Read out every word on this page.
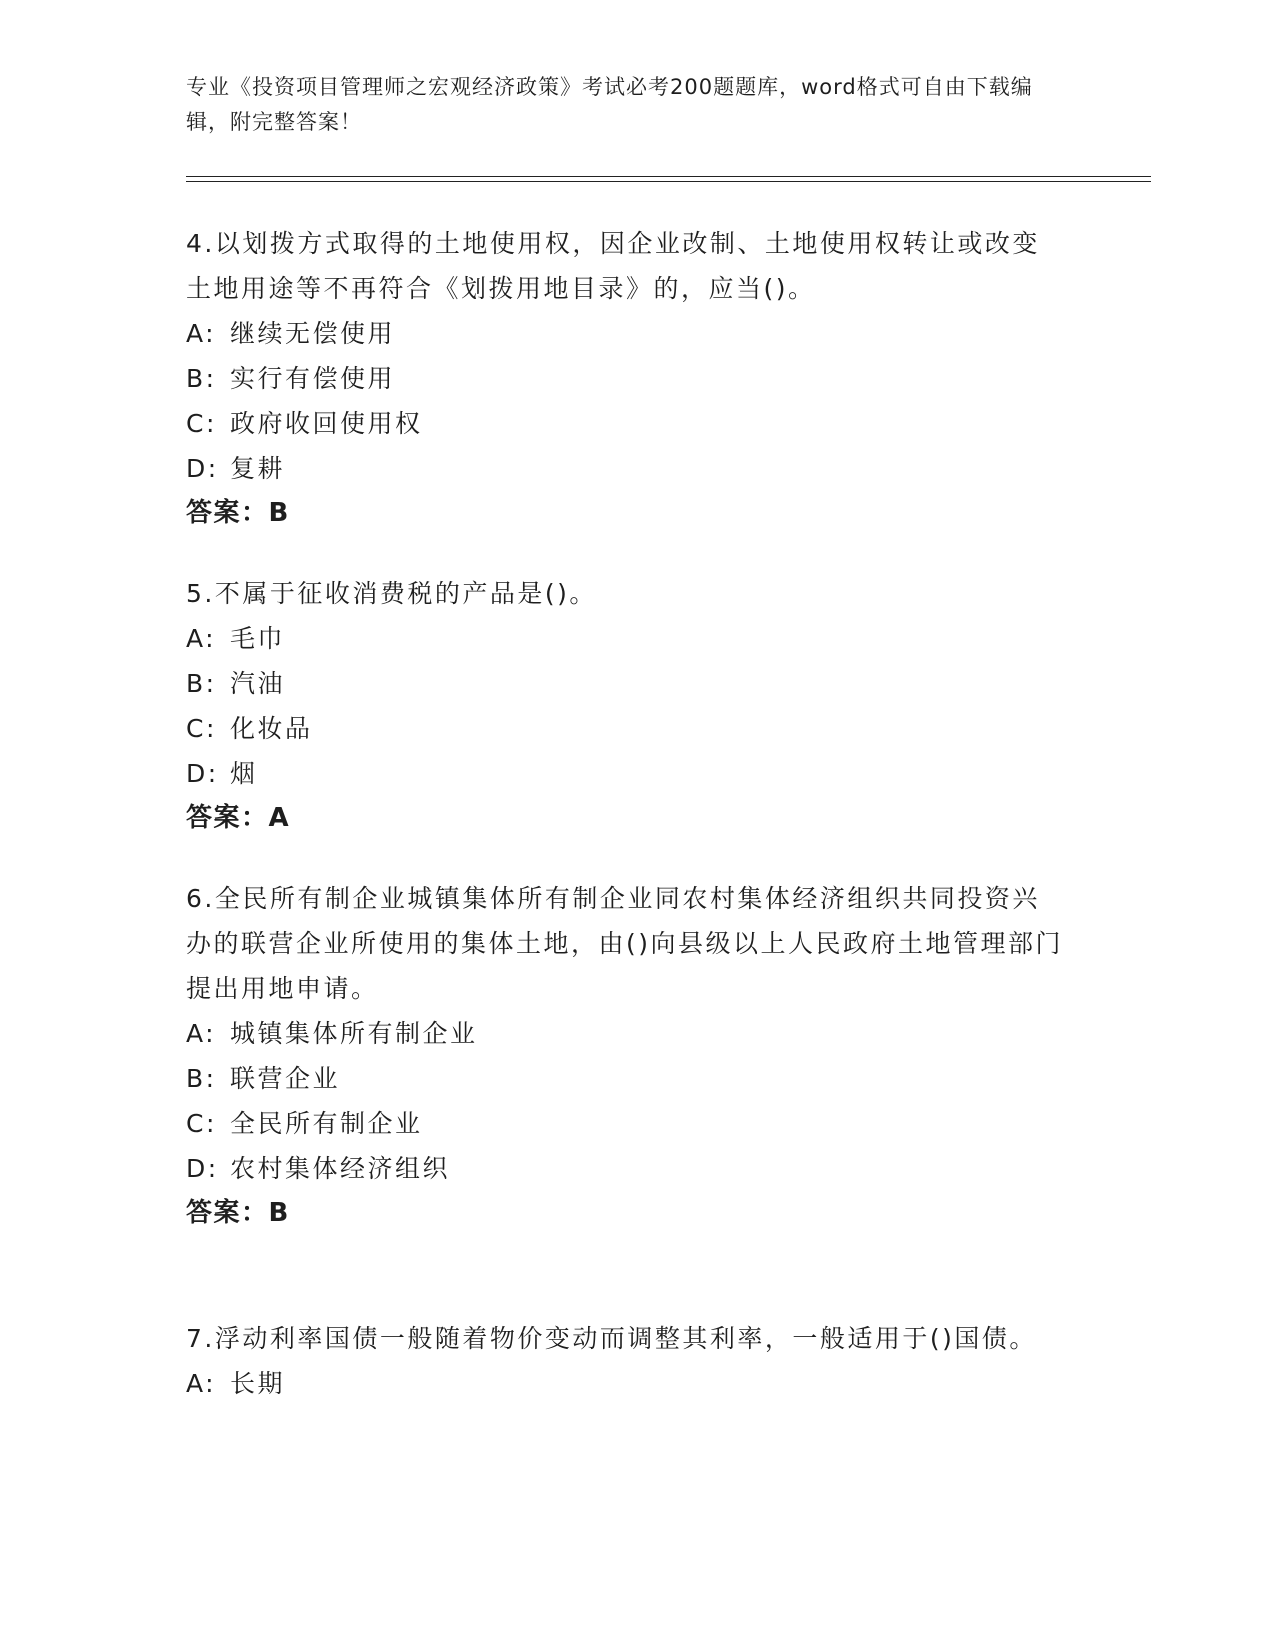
专业《投资项目管理师之宏观经济政策》考试必考200题题库，word格式可自由下载编辑，附完整答案！

4.以划拨方式取得的土地使用权，因企业改制、土地使用权转让或改变土地用途等不再符合《划拨用地目录》的，应当()。

A: 继续无偿使用

B: 实行有偿使用

C: 政府收回使用权

D: 复耕

答案：B

5.不属于征收消费税的产品是()。

A: 毛巾

B: 汽油

C: 化妆品

D: 烟

答案：A

6.全民所有制企业城镇集体所有制企业同农村集体经济组织共同投资兴办的联营企业所使用的集体土地，由()向县级以上人民政府土地管理部门提出用地申请。

A: 城镇集体所有制企业

B: 联营企业

C: 全民所有制企业

D: 农村集体经济组织

答案：B

7.浮动利率国债一般随着物价变动而调整其利率，一般适用于()国债。

A: 长期
